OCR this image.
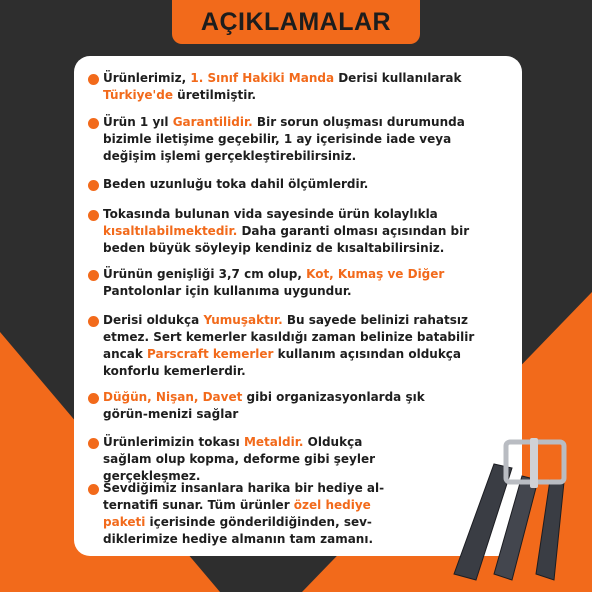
AÇIKLAMALAR
Ürünlerimiz, 1. Sınıf Hakiki Manda Derisi kullanılarak Türkiye'de üretilmiştir.
Ürün 1 yıl Garantilidir. Bir sorun oluşması durumunda bizimle iletişime geçebilir, 1 ay içerisinde iade veya değişim işlemi gerçekleştirebilirsiniz.
Beden uzunluğu toka dahil ölçümlerdir.
Tokasında bulunan vida sayesinde ürün kolaylıkla kısaltılabilmektedir. Daha garanti olması açısından bir beden büyük söyleyip kendiniz de kısaltabilirsiniz.
Ürünün genişliği 3,7 cm olup, Kot, Kumaş ve Diğer Pantolonlar için kullanıma uygundur.
Derisi oldukça Yumuşaktır. Bu sayede belinizi rahatsız etmez. Sert kemerler kasıldığı zaman belinize batabilir ancak Parscraft kemerler kullanım açısından oldukça konforlu kemerlerdir.
Düğün, Nişan, Davet gibi organizasyonlarda şık görün-menizi sağlar
Ürünlerimizin tokası Metaldir. Oldukça sağlam olup kopma, deforme gibi şeyler gerçekleşmez.
Sevdiğimiz insanlara harika bir hediye al-ternatifi sunar. Tüm ürünler özel hediye paketi içerisinde gönderildiğinden, sev-diklerimize hediye almanın tam zamanı.
